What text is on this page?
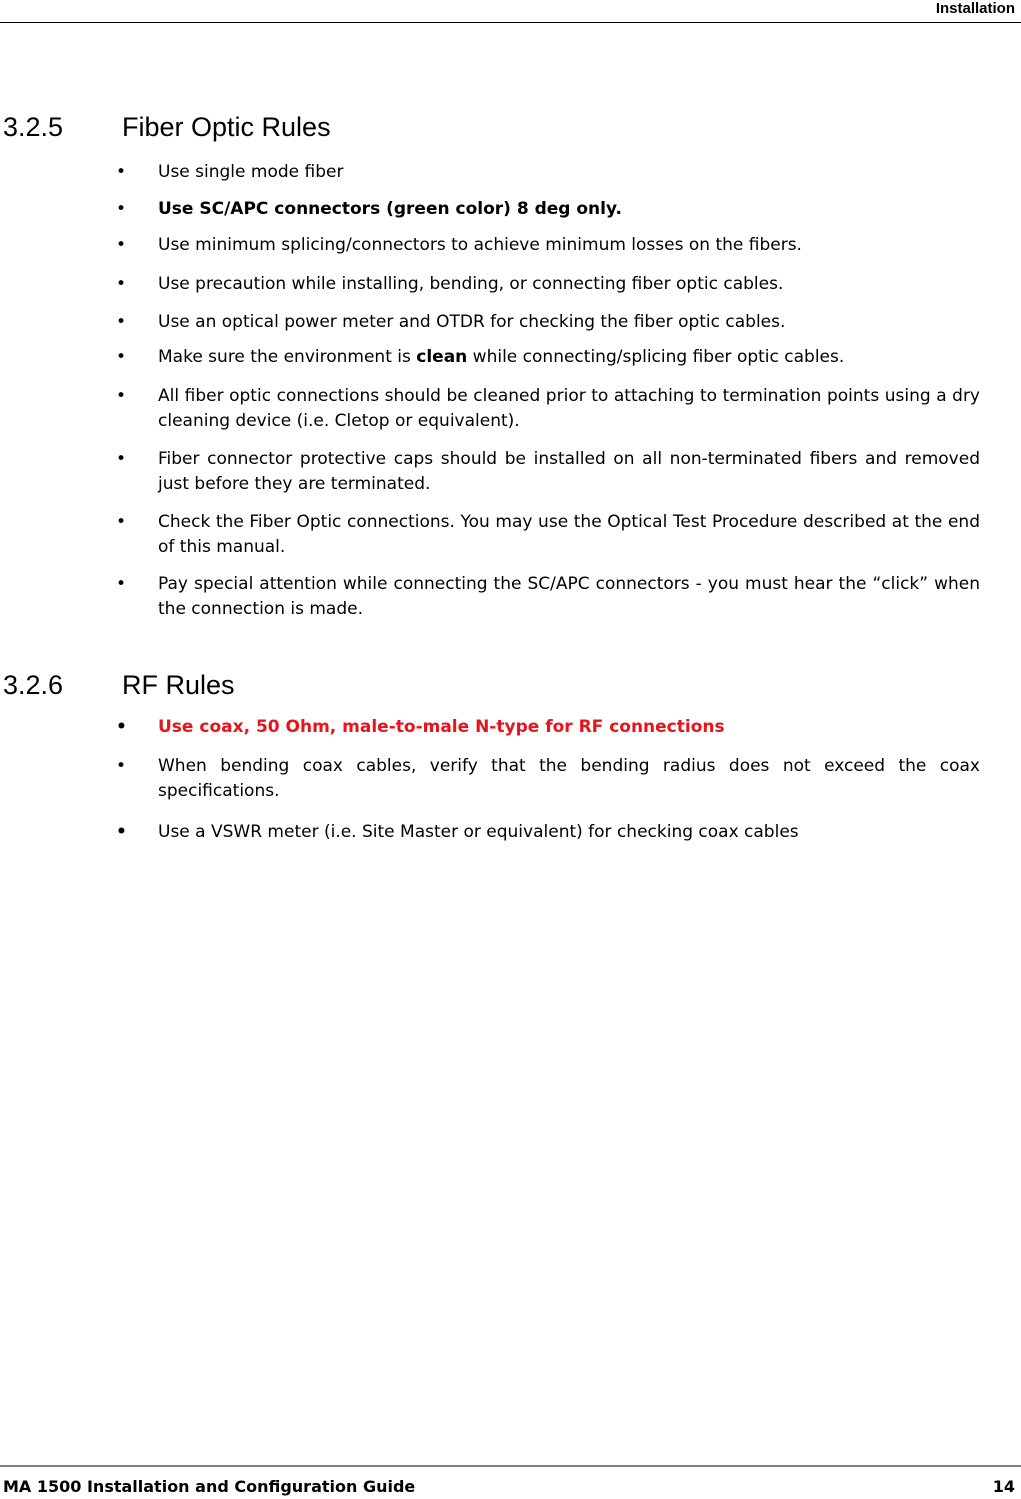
Installation
3.2.5 Fiber Optic Rules
• Use single mode fiber
• Use SC/APC connectors (green color) 8 deg only.
• Use minimum splicing/connectors to achieve minimum losses on the fibers.
• Use precaution while installing, bending, or connecting fiber optic cables.
• Use an optical power meter and OTDR for checking the fiber optic cables.
• Make sure the environment is clean while connecting/splicing fiber optic cables.
• All fiber optic connections should be cleaned prior to attaching to termination points using a dry cleaning device (i.e. Cletop or equivalent).
• Fiber connector protective caps should be installed on all non-terminated fibers and removed just before they are terminated.
• Check the Fiber Optic connections. You may use the Optical Test Procedure described at the end of this manual.
• Pay special attention while connecting the SC/APC connectors - you must hear the “click” when the connection is made.
3.2.6 RF Rules
• Use coax, 50 Ohm, male-to-male N-type for RF connections
• When bending coax cables, verify that the bending radius does not exceed the coax specifications.
• Use a VSWR meter (i.e. Site Master or equivalent) for checking coax cables
MA 1500 Installation and Configuration Guide	14
